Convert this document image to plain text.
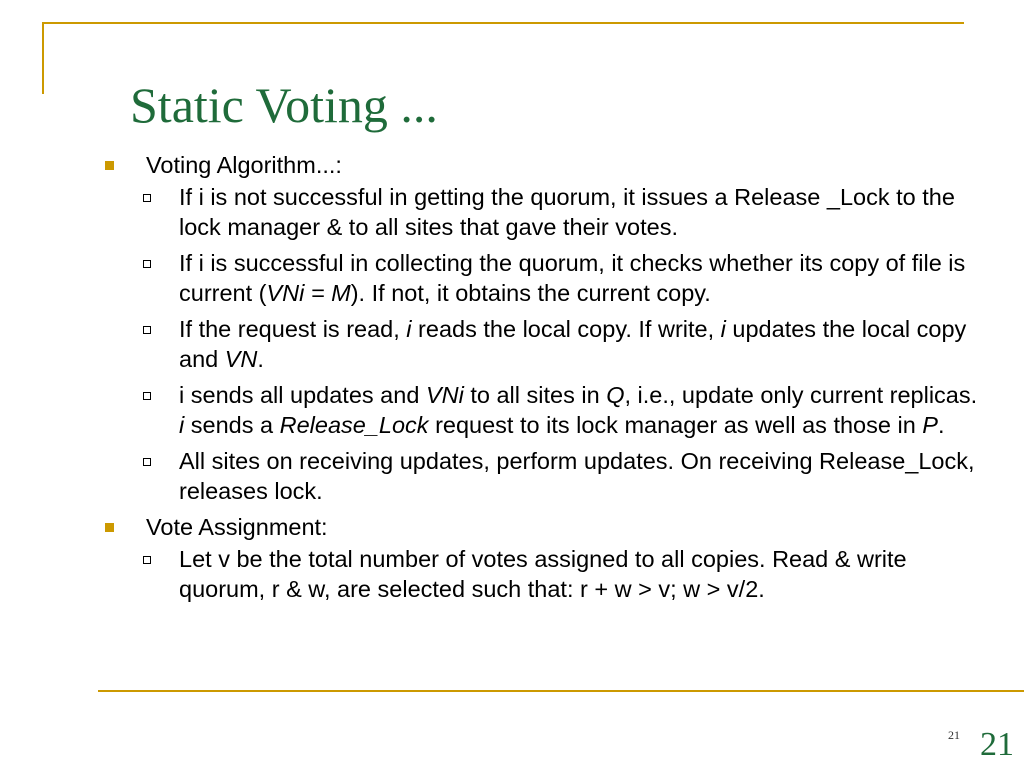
Static Voting ...
Voting Algorithm...:
If i is not successful in getting the quorum, it issues a Release _Lock to the lock manager & to all sites that gave their votes.
If i is successful in collecting the quorum, it checks whether its copy of file is current (VNi = M). If not, it obtains the current copy.
If the request is read, i reads the local copy. If write, i updates the local copy and VN.
i sends all updates and VNi to all sites in Q, i.e., update only current replicas. i sends a Release_Lock request to its lock manager as well as those in P.
All sites on receiving updates, perform updates. On receiving Release_Lock, releases lock.
Vote Assignment:
Let v be the total number of votes assigned to all copies. Read & write quorum, r & w, are selected such that: r + w > v; w > v/2.
21 21
